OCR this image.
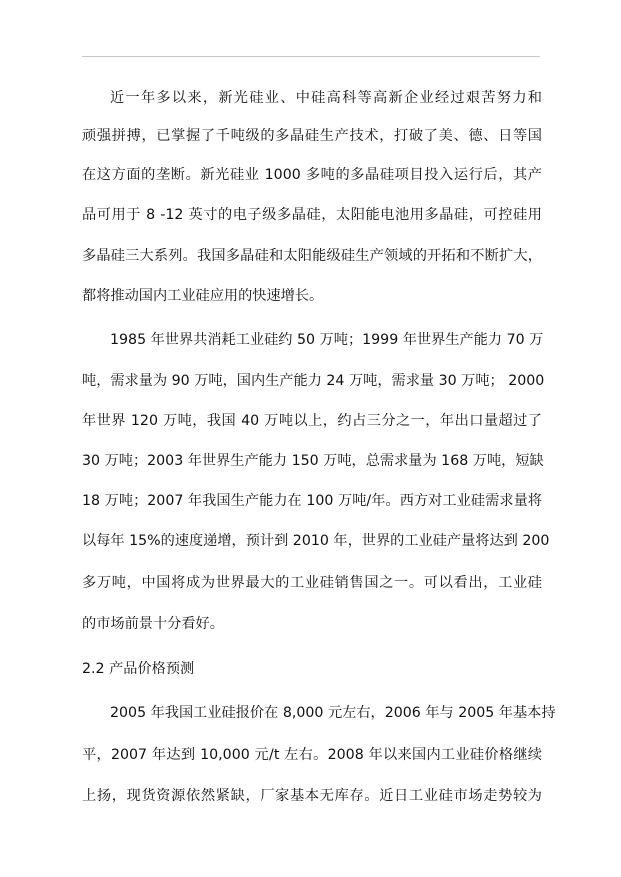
近一年多以来，新光硅业、中硅高科等高新企业经过艰苦努力和
顽强拼搏，已掌握了千吨级的多晶硅生产技术，打破了美、德、日等国
在这方面的垄断。新光硅业 1000 多吨的多晶硅项目投入运行后，其产
品可用于 8 -12 英寸的电子级多晶硅，太阳能电池用多晶硅，可控硅用
多晶硅三大系列。我国多晶硅和太阳能级硅生产领域的开拓和不断扩大，
都将推动国内工业硅应用的快速增长。
1985 年世界共消耗工业硅约 50 万吨；1999 年世界生产能力 70 万
吨，需求量为 90 万吨，国内生产能力 24 万吨，需求量 30 万吨； 2000
年世界 120 万吨，我国 40 万吨以上，约占三分之一，年出口量超过了
30 万吨；2003 年世界生产能力 150 万吨，总需求量为 168 万吨，短缺
18 万吨；2007 年我国生产能力在 100 万吨/年。西方对工业硅需求量将
以每年 15%的速度递增，预计到 2010 年，世界的工业硅产量将达到 200
多万吨，中国将成为世界最大的工业硅销售国之一。可以看出，工业硅
的市场前景十分看好。
2.2 产品价格预测
2005 年我国工业硅报价在 8,000 元左右，2006 年与 2005 年基本持
平，2007 年达到 10,000 元/t 左右。2008 年以来国内工业硅价格继续
上扬，现货资源依然紧缺，厂家基本无库存。近日工业硅市场走势较为
